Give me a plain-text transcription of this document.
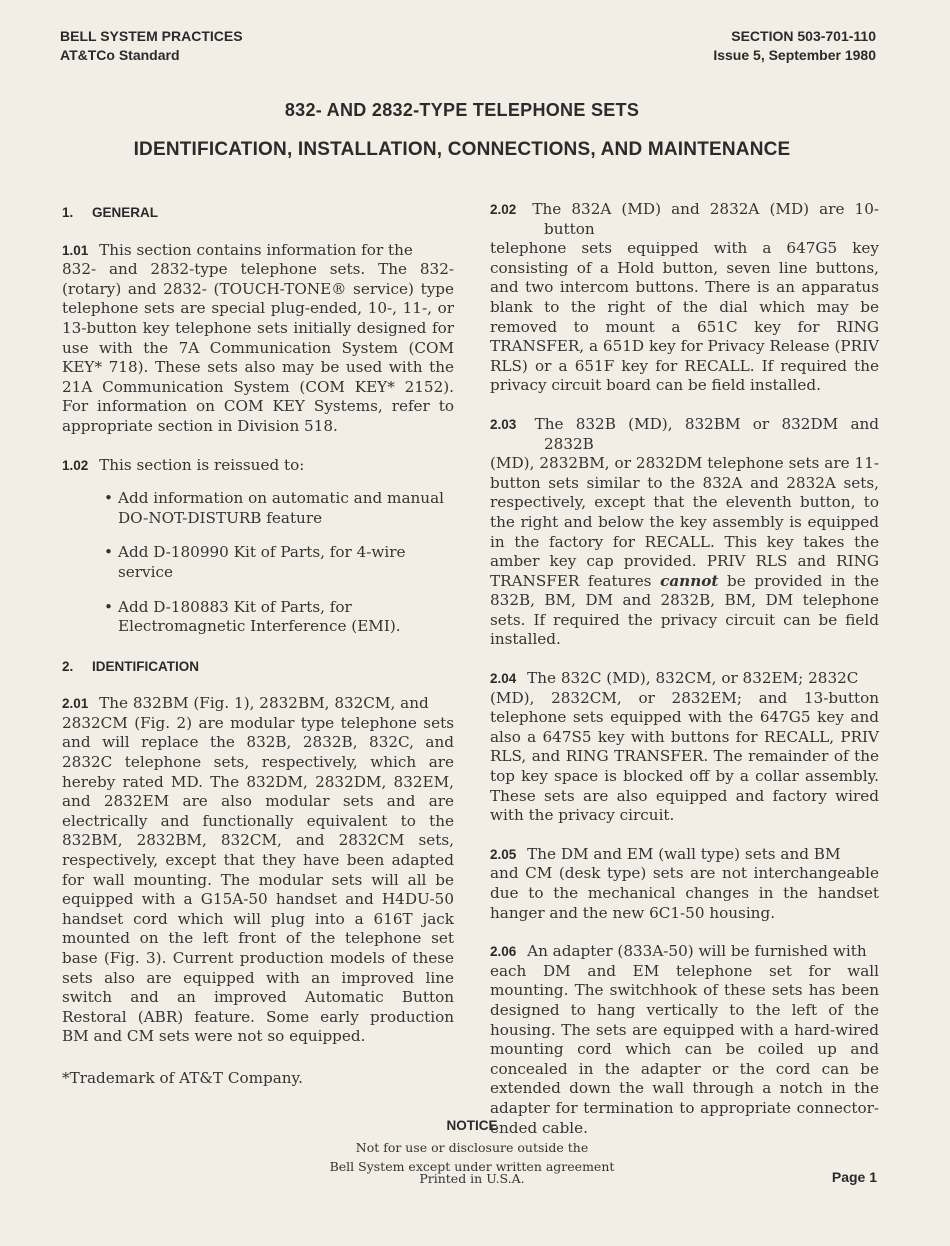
BELL SYSTEM PRACTICES
AT&TCo Standard
SECTION 503-701-110
Issue 5, September 1980
832- AND 2832-TYPE TELEPHONE SETS
IDENTIFICATION, INSTALLATION, CONNECTIONS, AND MAINTENANCE
1. GENERAL
1.01 This section contains information for the
832- and 2832-type telephone sets. The 832- (rotary) and 2832- (TOUCH-TONE® service) type telephone sets are special plug-ended, 10-, 11-, or 13-button key telephone sets initially designed for use with the 7A Communication System (COM KEY* 718). These sets also may be used with the 21A Communication System (COM KEY* 2152). For information on COM KEY Systems, refer to appropriate section in Division 518.
1.02 This section is reissued to:
• Add information on automatic and manual DO-NOT-DISTURB feature
• Add D-180990 Kit of Parts, for 4-wire service
• Add D-180883 Kit of Parts, for Electromagnetic Interference (EMI).
2. IDENTIFICATION
2.01 The 832BM (Fig. 1), 2832BM, 832CM, and
2832CM (Fig. 2) are modular type telephone sets and will replace the 832B, 2832B, 832C, and 2832C telephone sets, respectively, which are hereby rated MD. The 832DM, 2832DM, 832EM, and 2832EM are also modular sets and are electrically and functionally equivalent to the 832BM, 2832BM, 832CM, and 2832CM sets, respectively, except that they have been adapted for wall mounting. The modular sets will all be equipped with a G15A-50 handset and H4DU-50 handset cord which will plug into a 616T jack mounted on the left front of the telephone set base (Fig. 3). Current production models of these sets also are equipped with an improved line switch and an improved Automatic Button Restoral (ABR) feature. Some early production BM and CM sets were not so equipped.
*Trademark of AT&T Company.
2.02 The 832A (MD) and 2832A (MD) are 10-button
telephone sets equipped with a 647G5 key consisting of a Hold button, seven line buttons, and two intercom buttons. There is an apparatus blank to the right of the dial which may be removed to mount a 651C key for RING TRANSFER, a 651D key for Privacy Release (PRIV RLS) or a 651F key for RECALL. If required the privacy circuit board can be field installed.
2.03 The 832B (MD), 832BM or 832DM and 2832B
(MD), 2832BM, or 2832DM telephone sets are 11-button sets similar to the 832A and 2832A sets, respectively, except that the eleventh button, to the right and below the key assembly is equipped in the factory for RECALL. This key takes the amber key cap provided. PRIV RLS and RING TRANSFER features cannot be provided in the 832B, BM, DM and 2832B, BM, DM telephone sets. If required the privacy circuit can be field installed.
2.04 The 832C (MD), 832CM, or 832EM; 2832C
(MD), 2832CM, or 2832EM; and 13-button telephone sets equipped with the 647G5 key and also a 647S5 key with buttons for RECALL, PRIV RLS, and RING TRANSFER. The remainder of the top key space is blocked off by a collar assembly. These sets are also equipped and factory wired with the privacy circuit.
2.05 The DM and EM (wall type) sets and BM
and CM (desk type) sets are not interchangeable due to the mechanical changes in the handset hanger and the new 6C1-50 housing.
2.06 An adapter (833A-50) will be furnished with
each DM and EM telephone set for wall mounting. The switchhook of these sets has been designed to hang vertically to the left of the housing. The sets are equipped with a hard-wired mounting cord which can be coiled up and concealed in the adapter or the cord can be extended down the wall through a notch in the adapter for termination to appropriate connector-ended cable.
NOTICE
Not for use or disclosure outside the
Bell System except under written agreement
Printed in U.S.A.	Page 1
